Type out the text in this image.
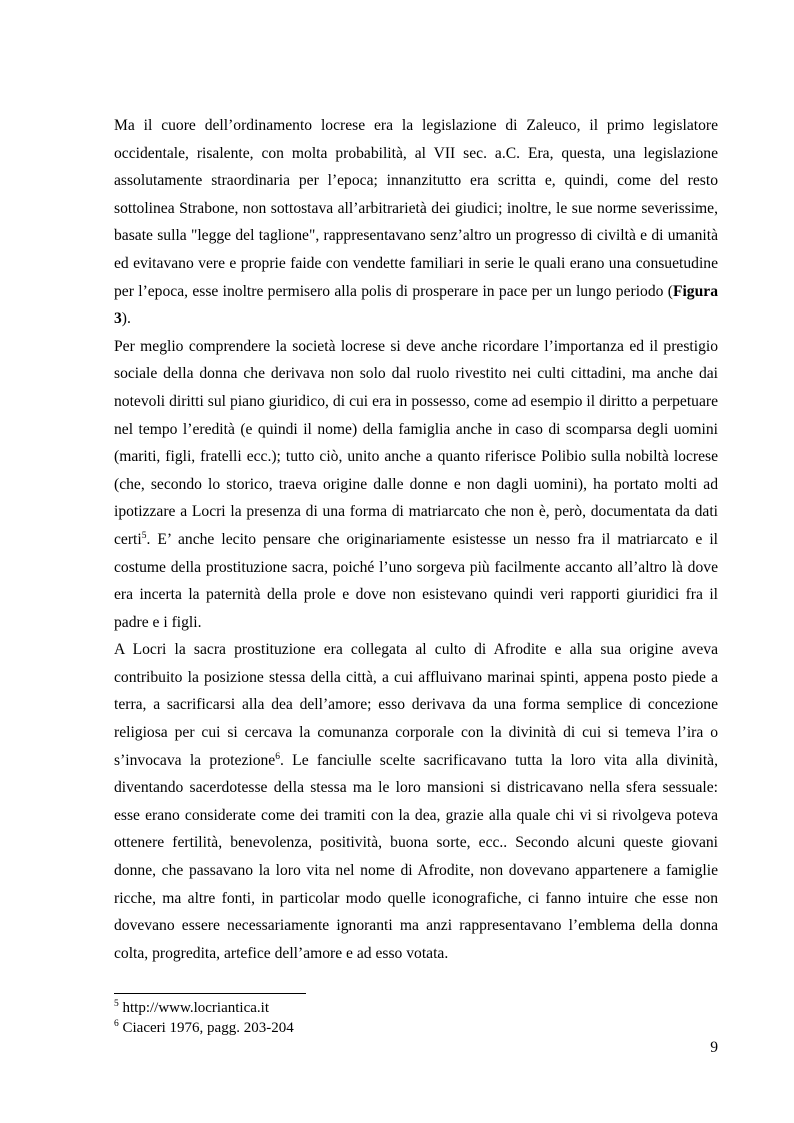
Ma il cuore dell’ordinamento locrese era la legislazione di Zaleuco, il primo legislatore occidentale, risalente, con molta probabilità, al VII sec. a.C. Era, questa, una legislazione assolutamente straordinaria per l’epoca; innanzitutto era scritta e, quindi, come del resto sottolinea Strabone, non sottostava all’arbitrarietà dei giudici; inoltre, le sue norme severissime, basate sulla "legge del taglione", rappresentavano senz’altro un progresso di civiltà e di umanità ed evitavano vere e proprie faide con vendette familiari in serie le quali erano una consuetudine per l’epoca, esse inoltre permisero alla polis di prosperare in pace per un lungo periodo (Figura 3).

Per meglio comprendere la società locrese si deve anche ricordare l’importanza ed il prestigio sociale della donna che derivava non solo dal ruolo rivestito nei culti cittadini, ma anche dai notevoli diritti sul piano giuridico, di cui era in possesso, come ad esempio il diritto a perpetuare nel tempo l’eredità (e quindi il nome) della famiglia anche in caso di scomparsa degli uomini (mariti, figli, fratelli ecc.); tutto ciò, unito anche a quanto riferisce Polibio sulla nobiltà locrese (che, secondo lo storico, traeva origine dalle donne e non dagli uomini), ha portato molti ad ipotizzare a Locri la presenza di una forma di matriarcato che non è, però, documentata da dati certi$^5$. E’ anche lecito pensare che originariamente esistesse un nesso fra il matriarcato e il costume della prostituzione sacra, poiché l’uno sorgeva più facilmente accanto all’altro là dove era incerta la paternità della prole e dove non esistevano quindi veri rapporti giuridici fra il padre e i figli.

A Locri la sacra prostituzione era collegata al culto di Afrodite e alla sua origine aveva contribuito la posizione stessa della città, a cui affluivano marinai spinti, appena posto piede a terra, a sacrificarsi alla dea dell’amore; esso derivava da una forma semplice di concezione religiosa per cui si cercava la comunanza corporale con la divinità di cui si temeva l’ira o s’invocava la protezione$^6$. Le fanciulle scelte sacrificavano tutta la loro vita alla divinità, diventando sacerdotesse della stessa ma le loro mansioni si districavano nella sfera sessuale: esse erano considerate come dei tramiti con la dea, grazie alla quale chi vi si rivolgeva poteva ottenere fertilità, benevolenza, positività, buona sorte, ecc.. Secondo alcuni queste giovani donne, che passavano la loro vita nel nome di Afrodite, non dovevano appartenere a famiglie ricche, ma altre fonti, in particolar modo quelle iconografiche, ci fanno intuire che esse non dovevano essere necessariamente ignoranti ma anzi rappresentavano l’emblema della donna colta, progredita, artefice dell’amore e ad esso votata.

$^5$ http://www.locriantica.it
$^6$ Ciaceri 1976, pagg. 203-204
9
